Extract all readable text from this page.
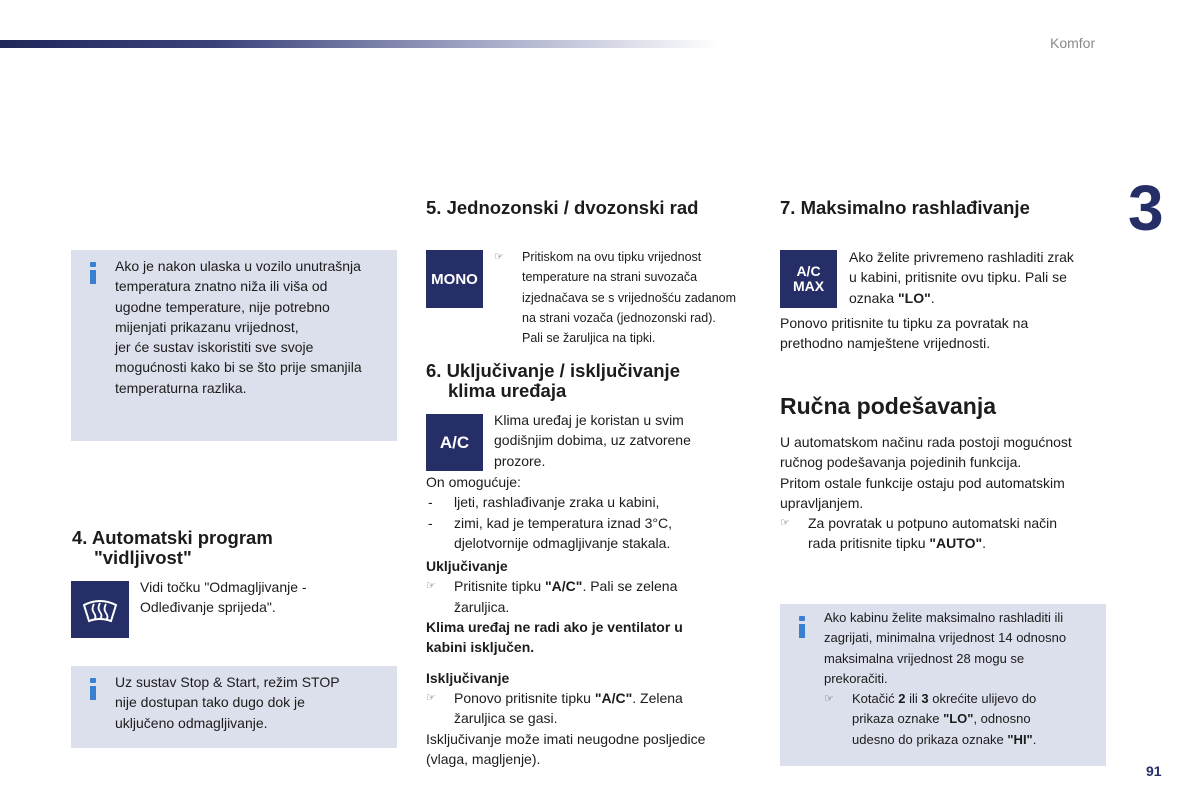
Komfor
3
Ako je nakon ulaska u vozilo unutrašnja
temperatura znatno niža ili viša od
ugodne temperature, nije potrebno
mijenjati prikazanu vrijednost,
jer će sustav iskoristiti sve svoje
mogućnosti kako bi se što prije smanjila
temperaturna razlika.
4. Automatski program
"vidljivost"
Vidi točku "Odmagljivanje -
Odleđivanje sprijeda".
Uz sustav Stop & Start, režim STOP
nije dostupan tako dugo dok je
uključeno odmagljivanje.
5. Jednozonski / dvozonski rad
MONO
☞ Pritiskom na ovu tipku vrijednost
temperature na strani suvozača
izjednačava se s vrijednošću zadanom
na strani vozača (jednozonski rad).
Pali se žaruljica na tipki.
6. Uključivanje / isključivanje
klima uređaja
A/C
Klima uređaj je koristan u svim
godišnjim dobima, uz zatvorene
prozore.
On omogućuje:
- ljeti, rashlađivanje zraka u kabini,
- zimi, kad je temperatura iznad 3°C,
djelotvornije odmagljivanje stakala.
Uključivanje
☞ Pritisnite tipku "A/C". Pali se zelena
žaruljica.
Klima uređaj ne radi ako je ventilator u
kabini isključen.
Isključivanje
☞ Ponovo pritisnite tipku "A/C". Zelena
žaruljica se gasi.
Isključivanje može imati neugodne posljedice
(vlaga, magljenje).
7. Maksimalno rashlađivanje
A/C
MAX
Ako želite privremeno rashladiti zrak
u kabini, pritisnite ovu tipku. Pali se
oznaka "LO".
Ponovo pritisnite tu tipku za povratak na
prethodno namještene vrijednosti.
Ručna podešavanja
U automatskom načinu rada postoji mogućnost
ručnog podešavanja pojedinih funkcija.
Pritom ostale funkcije ostaju pod automatskim
upravljanjem.
☞ Za povratak u potpuno automatski način
rada pritisnite tipku "AUTO".
Ako kabinu želite maksimalno rashladiti ili
zagrijati, minimalna vrijednost 14 odnosno
maksimalna vrijednost 28 mogu se
prekoračiti.
☞ Kotačić 2 ili 3 okrećite ulijevo do
prikaza oznake "LO", odnosno
udesno do prikaza oznake "HI".
91
